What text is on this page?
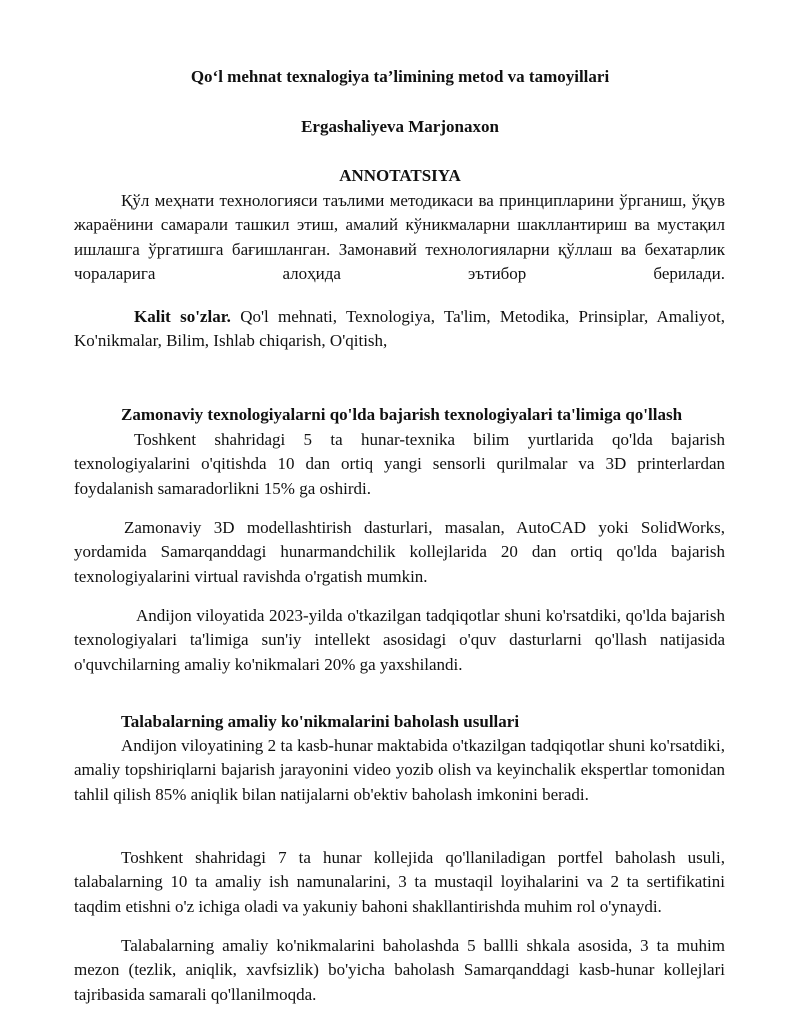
Qo‘l mehnat texnalogiya ta’limining metod va tamoyillari
Ergashaliyeva Marjonaxon
ANNOTATSIYA
Қўл меҳнати технологияси таълими методикаси ва принципларини ўрганиш, ўқув жараёнини самарали ташкил этиш, амалий кўникмаларни шакллантириш ва мустақил ишлашга ўргатишга бағишланган. Замонавий технологияларни қўллаш ва бехатарлик чораларига алоҳида эътибор берилади.
Kalit so'zlar. Qo'l mehnati, Texnologiya, Ta'lim, Metodika, Prinsiplar, Amaliyot, Ko'nikmalar, Bilim, Ishlab chiqarish, O'qitish,
Zamonaviy texnologiyalarni qo'lda bajarish texnologiyalari ta'limiga qo'llash
Toshkent shahridagi 5 ta hunar-texnika bilim yurtlarida qo'lda bajarish texnologiyalarini o'qitishda 10 dan ortiq yangi sensorli qurilmalar va 3D printerlardan foydalanish samaradorlikni 15% ga oshirdi.
Zamonaviy 3D modellashtirish dasturlari, masalan, AutoCAD yoki SolidWorks, yordamida Samarqanddagi hunarmandchilik kollejlarida 20 dan ortiq qo'lda bajarish texnologiyalarini virtual ravishda o'rgatish mumkin.
Andijon viloyatida 2023-yilda o'tkazilgan tadqiqotlar shuni ko'rsatdiki, qo'lda bajarish texnologiyalari ta'limiga sun'iy intellekt asosidagi o'quv dasturlarni qo'llash natijasida o'quvchilarning amaliy ko'nikmalari 20% ga yaxshilandi.
Talabalarning amaliy ko'nikmalarini baholash usullari
Andijon viloyatining 2 ta kasb-hunar maktabida o'tkazilgan tadqiqotlar shuni ko'rsatdiki, amaliy topshiriqlarni bajarish jarayonini video yozib olish va keyinchalik ekspertlar tomonidan tahlil qilish 85% aniqlik bilan natijalarni ob'ektiv baholash imkonini beradi.
Toshkent shahridagi 7 ta hunar kollejida qo'llaniladigan portfel baholash usuli, talabalarning 10 ta amaliy ish namunalarini, 3 ta mustaqil loyihalarini va 2 ta sertifikatini taqdim etishni o'z ichiga oladi va yakuniy bahoni shakllantirishda muhim rol o'ynaydi.
Talabalarning amaliy ko'nikmalarini baholashda 5 ballli shkala asosida, 3 ta muhim mezon (tezlik, aniqlik, xavfsizlik) bo'yicha baholash Samarqanddagi kasb-hunar kollejlari tajribasida samarali qo'llanilmoqda.
